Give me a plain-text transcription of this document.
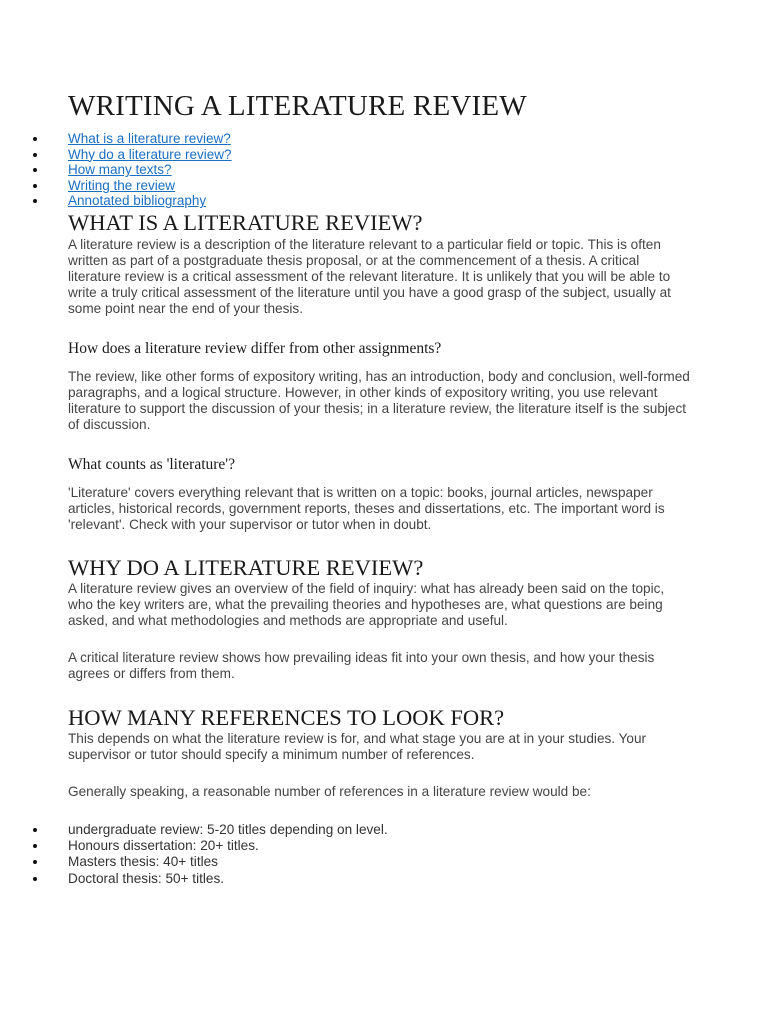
WRITING A LITERATURE REVIEW
What is a literature review?
Why do a literature review?
How many texts?
Writing the review
Annotated bibliography
WHAT IS A LITERATURE REVIEW?

A literature review is a description of the literature relevant to a particular field or topic. This is often
written as part of a postgraduate thesis proposal, or at the commencement of a thesis. A critical
literature review is a critical assessment of the relevant literature. It is unlikely that you will be able to
write a truly critical assessment of the literature until you have a good grasp of the subject, usually at
some point near the end of your thesis.

How does a literature review differ from other assignments?

The review, like other forms of expository writing, has an introduction, body and conclusion, well-formed
paragraphs, and a logical structure. However, in other kinds of expository writing, you use relevant
literature to support the discussion of your thesis; in a literature review, the literature itself is the subject
of discussion.

What counts as 'literature'?

'Literature' covers everything relevant that is written on a topic: books, journal articles, newspaper
articles, historical records, government reports, theses and dissertations, etc. The important word is
'relevant'. Check with your supervisor or tutor when in doubt.

WHY DO A LITERATURE REVIEW?

A literature review gives an overview of the field of inquiry: what has already been said on the topic,
who the key writers are, what the prevailing theories and hypotheses are, what questions are being
asked, and what methodologies and methods are appropriate and useful.

A critical literature review shows how prevailing ideas fit into your own thesis, and how your thesis
agrees or differs from them.

HOW MANY REFERENCES TO LOOK FOR?

This depends on what the literature review is for, and what stage you are at in your studies. Your
supervisor or tutor should specify a minimum number of references.

Generally speaking, a reasonable number of references in a literature review would be:

undergraduate review: 5-20 titles depending on level.
Honours dissertation: 20+ titles.
Masters thesis: 40+ titles
Doctoral thesis: 50+ titles.
